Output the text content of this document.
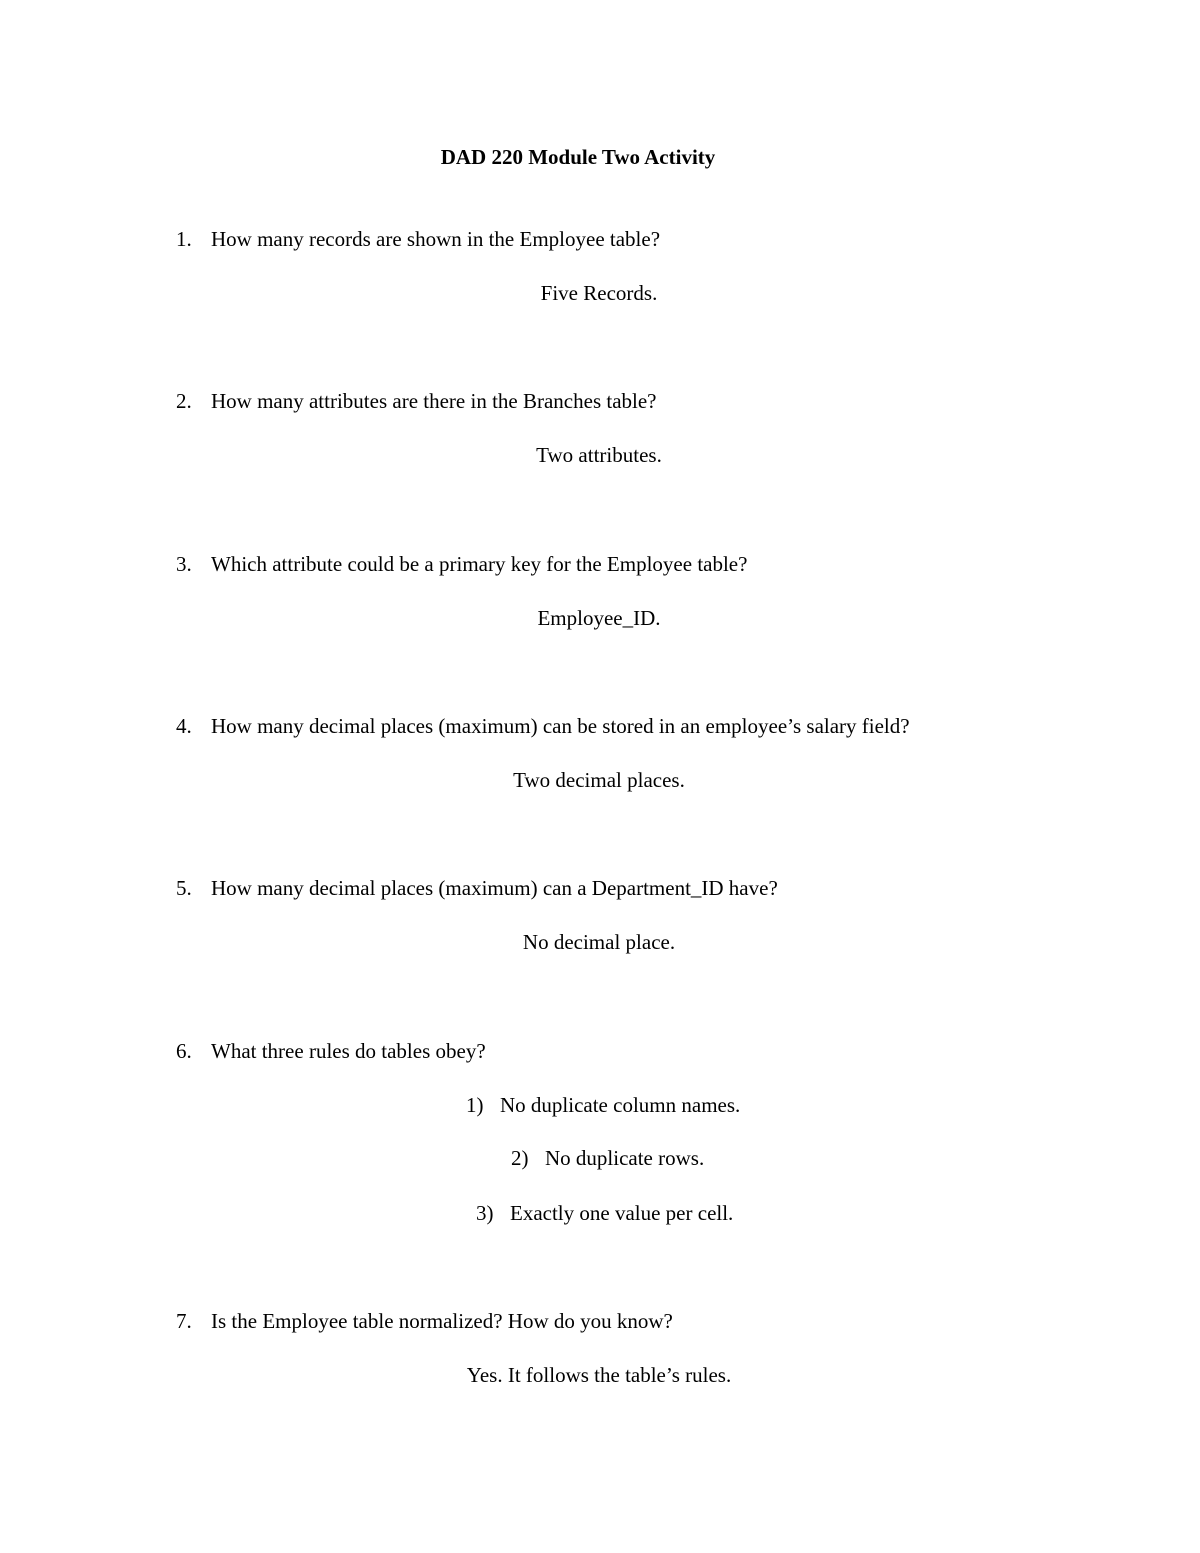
DAD 220 Module Two Activity
1. How many records are shown in the Employee table?
Five Records.
2. How many attributes are there in the Branches table?
Two attributes.
3. Which attribute could be a primary key for the Employee table?
Employee_ID.
4. How many decimal places (maximum) can be stored in an employee’s salary field?
Two decimal places.
5. How many decimal places (maximum) can a Department_ID have?
No decimal place.
6. What three rules do tables obey?
1) No duplicate column names.
2) No duplicate rows.
3) Exactly one value per cell.
7. Is the Employee table normalized? How do you know?
Yes. It follows the table’s rules.
